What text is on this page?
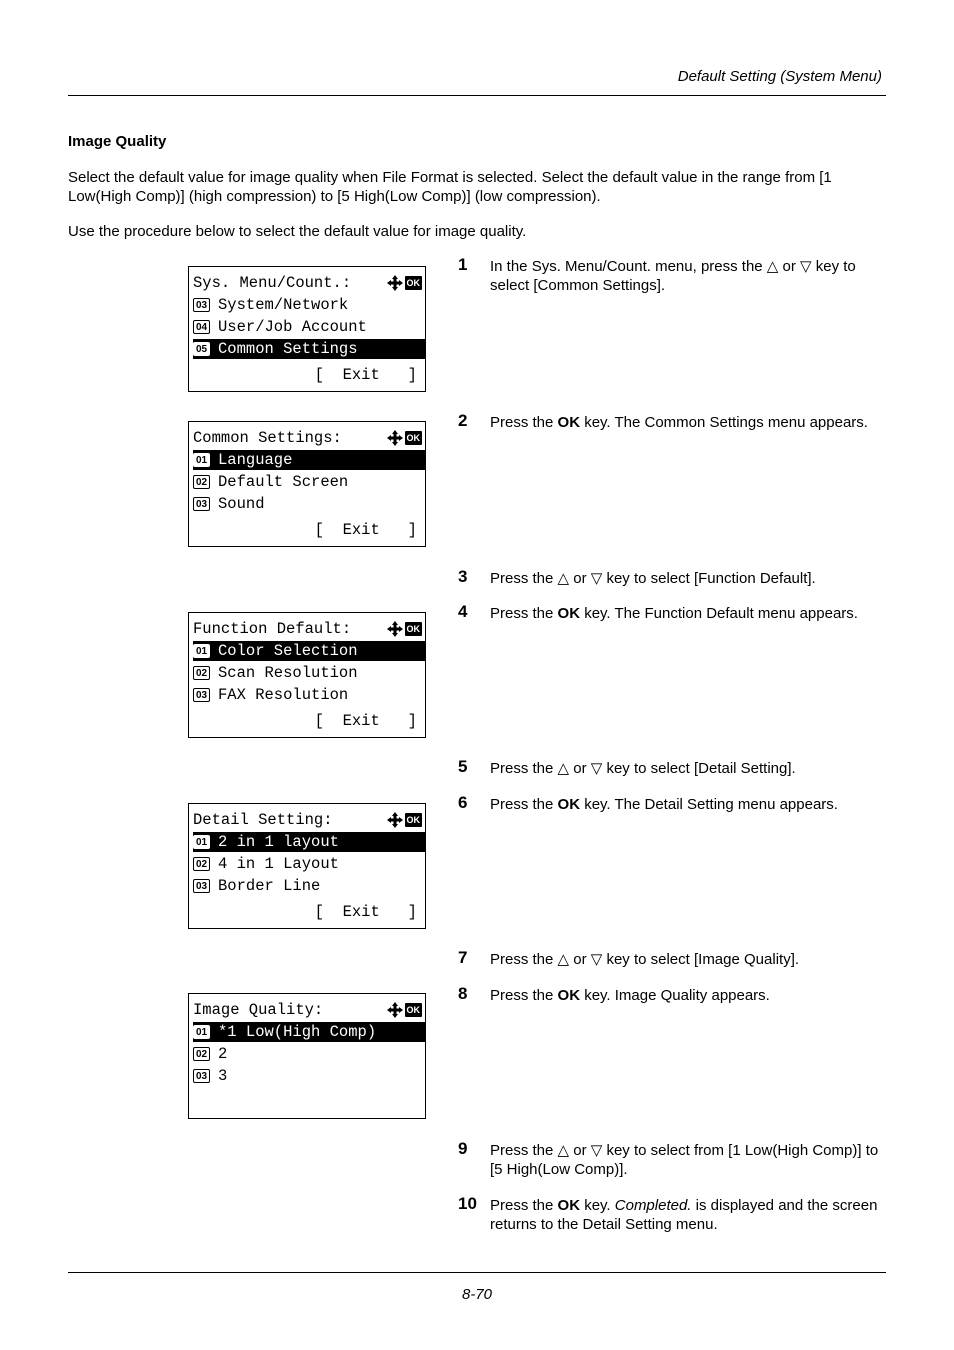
Default Setting (System Menu)
Image Quality
Select the default value for image quality when File Format is selected. Select the default value in the range from [1 Low(High Comp)] (high compression) to [5 High(Low Comp)] (low compression).
Use the procedure below to select the default value for image quality.
Sys. Menu/Count.:	OK
03 System/Network
04 User/Job Account
05 Common Settings
[  Exit   ]
Common Settings:	OK
01 Language
02 Default Screen
03 Sound
[  Exit   ]
Function Default:	OK
01 Color Selection
02 Scan Resolution
03 FAX Resolution
[  Exit   ]
Detail Setting:	OK
01 2 in 1 layout
02 4 in 1 Layout
03 Border Line
[  Exit   ]
Image Quality:	OK
01 *1 Low(High Comp)
02 2
03 3
1 In the Sys. Menu/Count. menu, press the △ or ▽ key to select [Common Settings].
2 Press the OK key. The Common Settings menu appears.
3 Press the △ or ▽ key to select [Function Default].
4 Press the OK key. The Function Default menu appears.
5 Press the △ or ▽ key to select [Detail Setting].
6 Press the OK key. The Detail Setting menu appears.
7 Press the △ or ▽ key to select [Image Quality].
8 Press the OK key. Image Quality appears.
9 Press the △ or ▽ key to select from [1 Low(High Comp)] to [5 High(Low Comp)].
10 Press the OK key. Completed. is displayed and the screen returns to the Detail Setting menu.
8-70
